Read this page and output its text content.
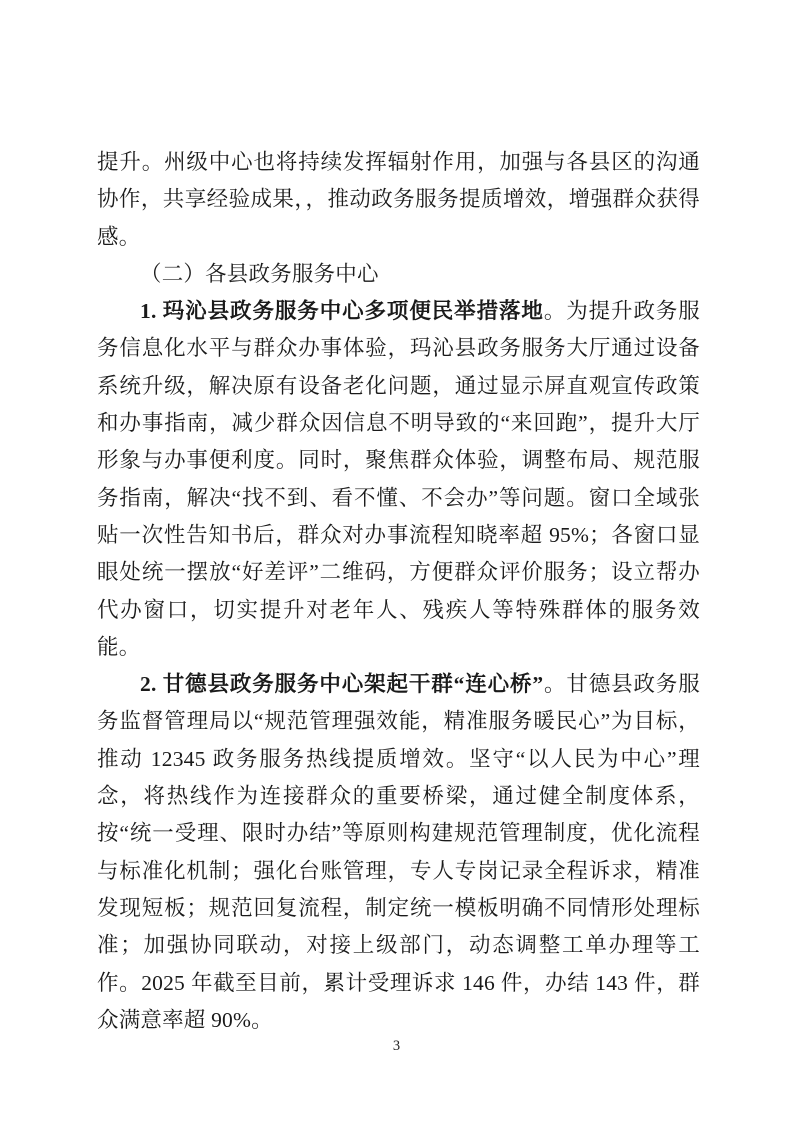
提升。州级中心也将持续发挥辐射作用，加强与各县区的沟通协作，共享经验成果，，推动政务服务提质增效，增强群众获得感。

（二）各县政务服务中心

1. 玛沁县政务服务中心多项便民举措落地。为提升政务服务信息化水平与群众办事体验，玛沁县政务服务大厅通过设备系统升级，解决原有设备老化问题，通过显示屏直观宣传政策和办事指南，减少群众因信息不明导致的“来回跑”，提升大厅形象与办事便利度。同时，聚焦群众体验，调整布局、规范服务指南，解决“找不到、看不懂、不会办”等问题。窗口全域张贴一次性告知书后，群众对办事流程知晓率超 95%；各窗口显眼处统一摆放“好差评”二维码，方便群众评价服务；设立帮办代办窗口，切实提升对老年人、残疾人等特殊群体的服务效能。

2. 甘德县政务服务中心架起干群“连心桥”。甘德县政务服务监督管理局以“规范管理强效能，精准服务暖民心”为目标，推动 12345 政务服务热线提质增效。坚守“以人民为中心”理念，将热线作为连接群众的重要桥梁，通过健全制度体系，按“统一受理、限时办结”等原则构建规范管理制度，优化流程与标准化机制；强化台账管理，专人专岗记录全程诉求，精准发现短板；规范回复流程，制定统一模板明确不同情形处理标准；加强协同联动，对接上级部门，动态调整工单办理等工作。2025 年截至目前，累计受理诉求 146 件，办结 143 件，群众满意率超 90%。

3
